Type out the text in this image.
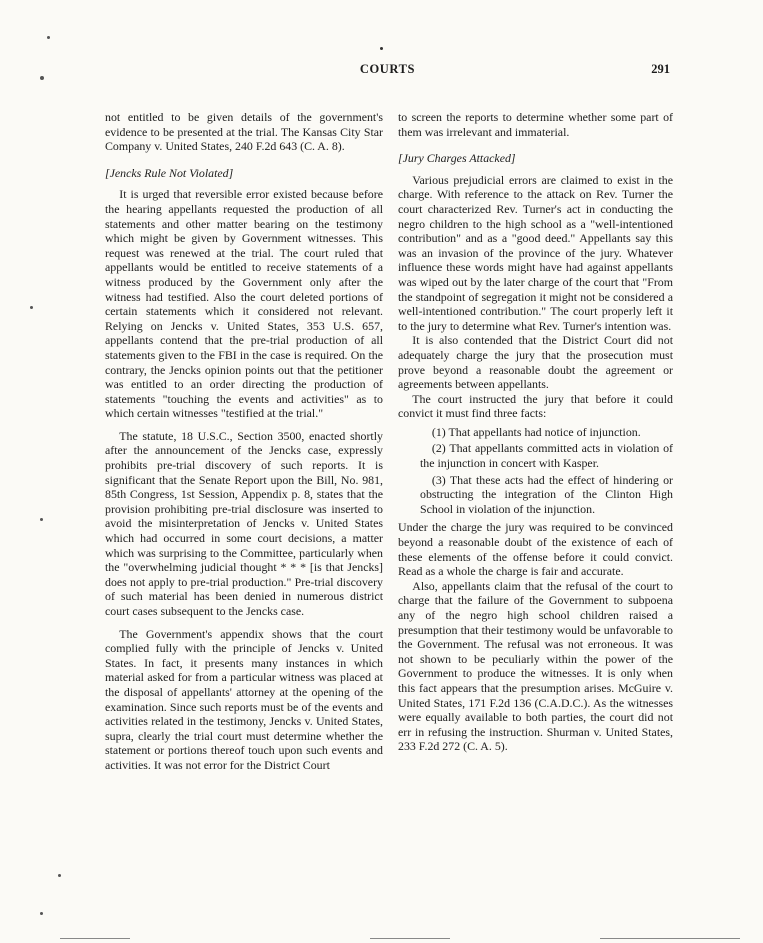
COURTS	291

not entitled to be given details of the government's evidence to be presented at the trial. The Kansas City Star Company v. United States, 240 F.2d 643 (C. A. 8).

[Jencks Rule Not Violated]

It is urged that reversible error existed because before the hearing appellants requested the production of all statements and other matter bearing on the testimony which might be given by Government witnesses. This request was renewed at the trial. The court ruled that appellants would be entitled to receive statements of a witness produced by the Government only after the witness had testified. Also the court deleted portions of certain statements which it considered not relevant. Relying on Jencks v. United States, 353 U.S. 657, appellants contend that the pre-trial production of all statements given to the FBI in the case is required. On the contrary, the Jencks opinion points out that the petitioner was entitled to an order directing the production of statements "touching the events and activities" as to which certain witnesses "testified at the trial."

The statute, 18 U.S.C., Section 3500, enacted shortly after the announcement of the Jencks case, expressly prohibits pre-trial discovery of such reports. It is significant that the Senate Report upon the Bill, No. 981, 85th Congress, 1st Session, Appendix p. 8, states that the provision prohibiting pre-trial disclosure was inserted to avoid the misinterpretation of Jencks v. United States which had occurred in some court decisions, a matter which was surprising to the Committee, particularly when the "overwhelming judicial thought * * * [is that Jencks] does not apply to pre-trial production." Pre-trial discovery of such material has been denied in numerous district court cases subsequent to the Jencks case.

The Government's appendix shows that the court complied fully with the principle of Jencks v. United States. In fact, it presents many instances in which material asked for from a particular witness was placed at the disposal of appellants' attorney at the opening of the examination. Since such reports must be of the events and activities related in the testimony, Jencks v. United States, supra, clearly the trial court must determine whether the statement or portions thereof touch upon such events and activities. It was not error for the District Court

to screen the reports to determine whether some part of them was irrelevant and immaterial.

[Jury Charges Attacked]

Various prejudicial errors are claimed to exist in the charge. With reference to the attack on Rev. Turner the court characterized Rev. Turner's act in conducting the negro children to the high school as a "well-intentioned contribution" and as a "good deed." Appellants say this was an invasion of the province of the jury. Whatever influence these words might have had against appellants was wiped out by the later charge of the court that "From the standpoint of segregation it might not be considered a well-intentioned contribution." The court properly left it to the jury to determine what Rev. Turner's intention was.

It is also contended that the District Court did not adequately charge the jury that the prosecution must prove beyond a reasonable doubt the agreement or agreements between appellants.

The court instructed the jury that before it could convict it must find three facts:

(1) That appellants had notice of injunction.

(2) That appellants committed acts in violation of the injunction in concert with Kasper.

(3) That these acts had the effect of hindering or obstructing the integration of the Clinton High School in violation of the injunction.

Under the charge the jury was required to be convinced beyond a reasonable doubt of the existence of each of these elements of the offense before it could convict. Read as a whole the charge is fair and accurate.

Also, appellants claim that the refusal of the court to charge that the failure of the Government to subpoena any of the negro high school children raised a presumption that their testimony would be unfavorable to the Government. The refusal was not erroneous. It was not shown to be peculiarly within the power of the Government to produce the witnesses. It is only when this fact appears that the presumption arises. McGuire v. United States, 171 F.2d 136 (C.A.D.C.). As the witnesses were equally available to both parties, the court did not err in refusing the instruction. Shurman v. United States, 233 F.2d 272 (C. A. 5).
